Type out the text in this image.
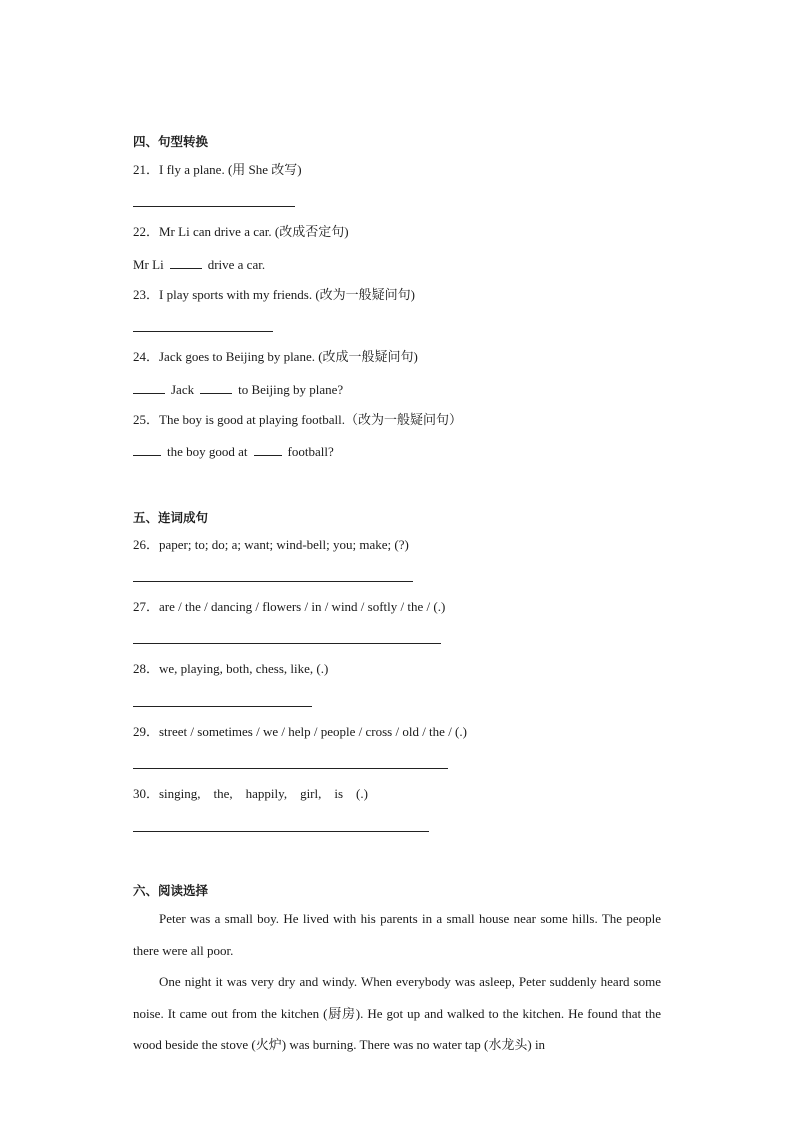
四、句型转换
21．I fly a plane. (用 She 改写)
22．Mr Li can drive a car. (改成否定句)
Mr Li	drive a car.
23．I play sports with my friends. (改为一般疑问句)
24．Jack goes to Beijing by plane. (改成一般疑问句)
Jack	to Beijing by plane?
25．The boy is good at playing football.（改为一般疑问句）
the boy good at	football?
五、连词成句
26．paper; to; do; a; want; wind-bell; you; make; (?)
27．are / the / dancing / flowers / in / wind / softly / the / (.)
28．we, playing, both, chess, like, (.)
29．street / sometimes / we / help / people / cross / old / the / (.)
30．singing,    the,    happily,    girl,    is    (.)
六、阅读选择

Peter was a small boy. He lived with his parents in a small house near some hills. The people there were all poor.

One night it was very dry and windy. When everybody was asleep, Peter suddenly heard some noise. It came out from the kitchen (厨房). He got up and walked to the kitchen. He found that the wood beside the stove (火炉) was burning. There was no water tap (水龙头) in
